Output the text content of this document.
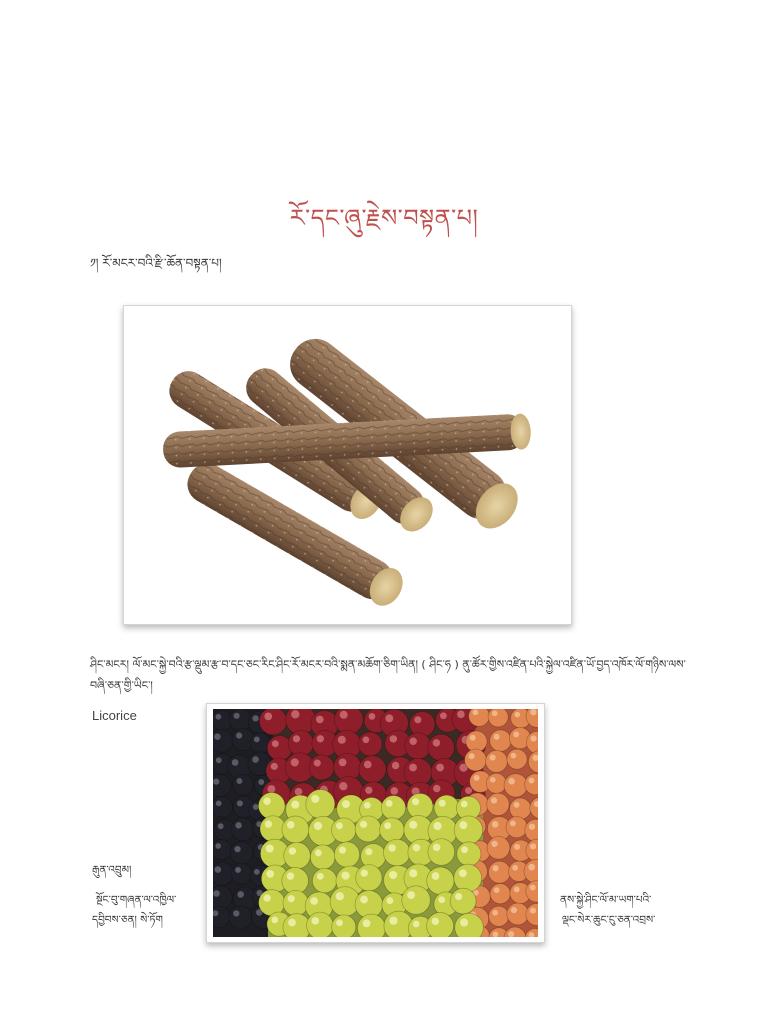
རོ་དང་ཞུ་རྗེས་བསྟན་པ།
༡། རོ་མངར་བའི་རྫི་ཆོན་བསྟན་པ།
ཤིང་མངར། ལོ་མང་སྐྱེ་བའི་རྩ་ལྡུམ་རྩ་བ་དང་ཅང་རིང་ཤིང་རོ་མངར་བའི་སྨན་མཆོག་ཅིག་ཡིན། ( ཤིང་ཧ ) ནུ་ཚོར་གྱིས་འཛིན་པའི་སྐྱེལ་འཛིན་ཡོ་བྱད་འཁོར་ལོ་གཉིས་ལས་བཞི་ཅན་གྱི་ཡིང་།
Licorice
རྒུན་འབྲུམ།
སྔོང་བུ་གཞན་ལ་འཁྱིལ་
དབྱིབས་ཅན། སེ་ཏོག
ནས་སྐྱེ་ཤིང་ལོ་མ་ཡག་པའི་
ལྡང་སེར་ཆུང་ངུ་ཅན་འབྲས་
